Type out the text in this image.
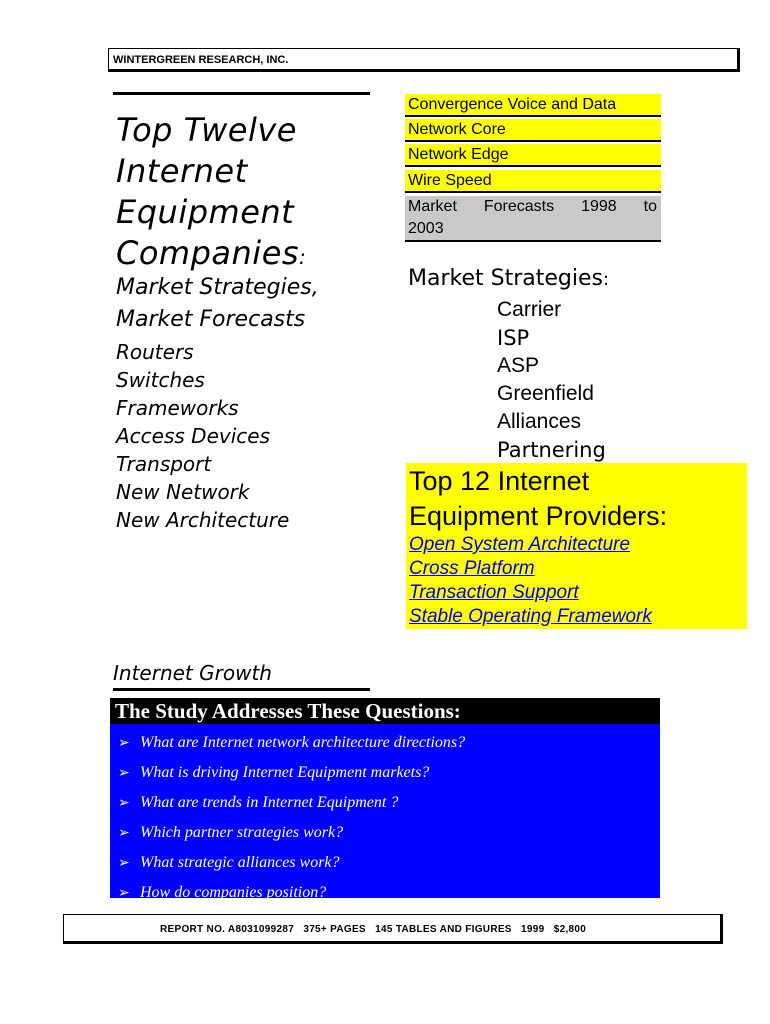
WINTERGREEN RESEARCH, INC.
Top Twelve
Internet
Equipment
Companies:

Market Strategies,
Market Forecasts

Routers
Switches
Frameworks
Access Devices
Transport
New Network
New Architecture

Internet Growth

Convergence Voice and Data
Network Core
Network Edge
Wire Speed
Market Forecasts 1998 to
2003
Market Strategies:
Carrier
ISP
ASP
Greenfield
Alliances
Partnering
Top 12 Internet
Equipment Providers:
Open System Architecture
Cross Platform
Transaction Support
Stable Operating Framework
The Study Addresses These Questions:
➢ What are Internet network architecture directions?
➢ What is driving Internet Equipment markets?
➢ What are trends in Internet Equipment ?
➢ Which partner strategies work?
➢ What strategic alliances work?
➢ How do companies position?
REPORT NO. A8031099287 375+ PAGES 145 TABLES AND FIGURES 1999 $2,800
